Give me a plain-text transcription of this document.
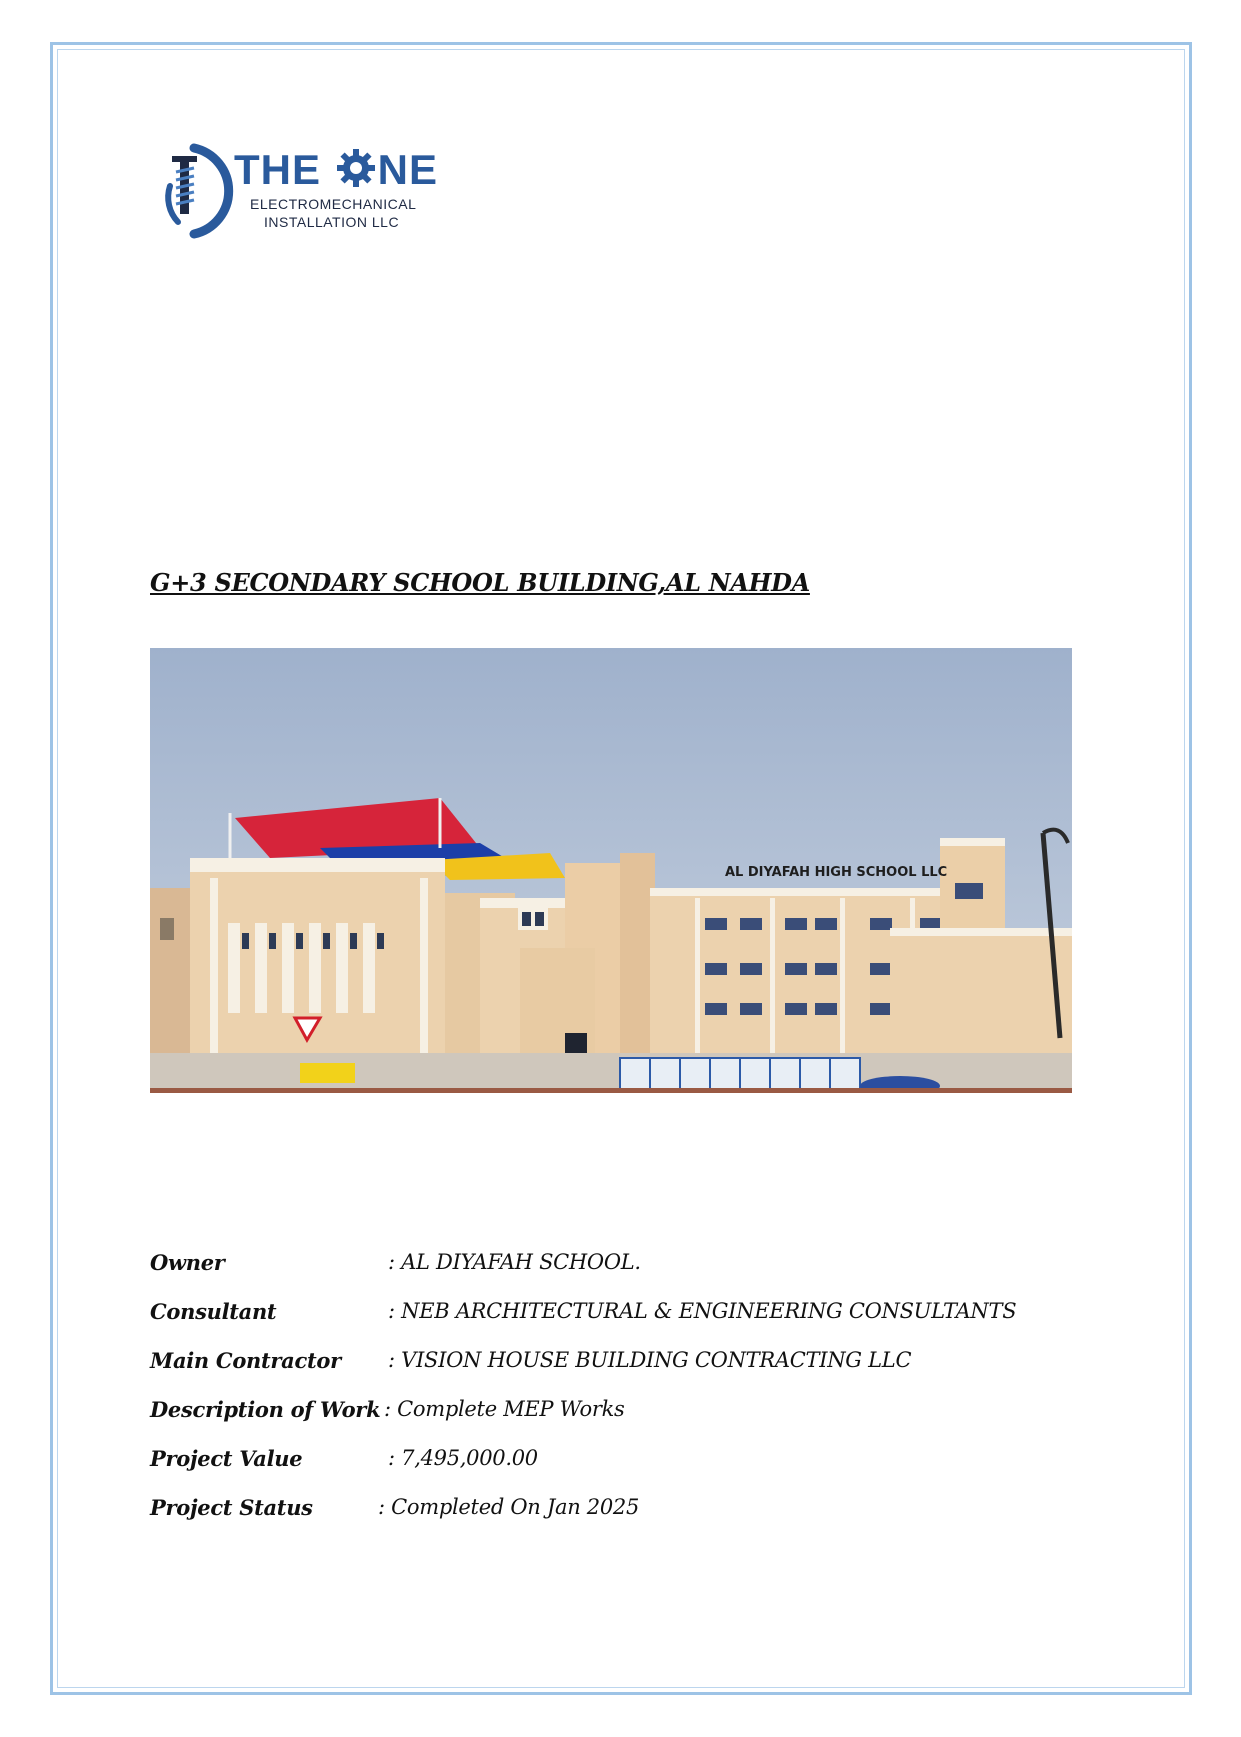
THE NE
ELECTROMECHANICAL
INSTALLATION LLC
G+3 SECONDARY SCHOOL BUILDING,AL NAHDA
AL DIYAFAH HIGH SCHOOL LLC
Owner	: AL DIYAFAH SCHOOL.
Consultant	: NEB ARCHITECTURAL & ENGINEERING CONSULTANTS
Main Contractor : VISION HOUSE BUILDING CONTRACTING LLC
Description of Work : Complete MEP Works
Project Value	: 7,495,000.00
Project Status	: Completed On Jan 2025
